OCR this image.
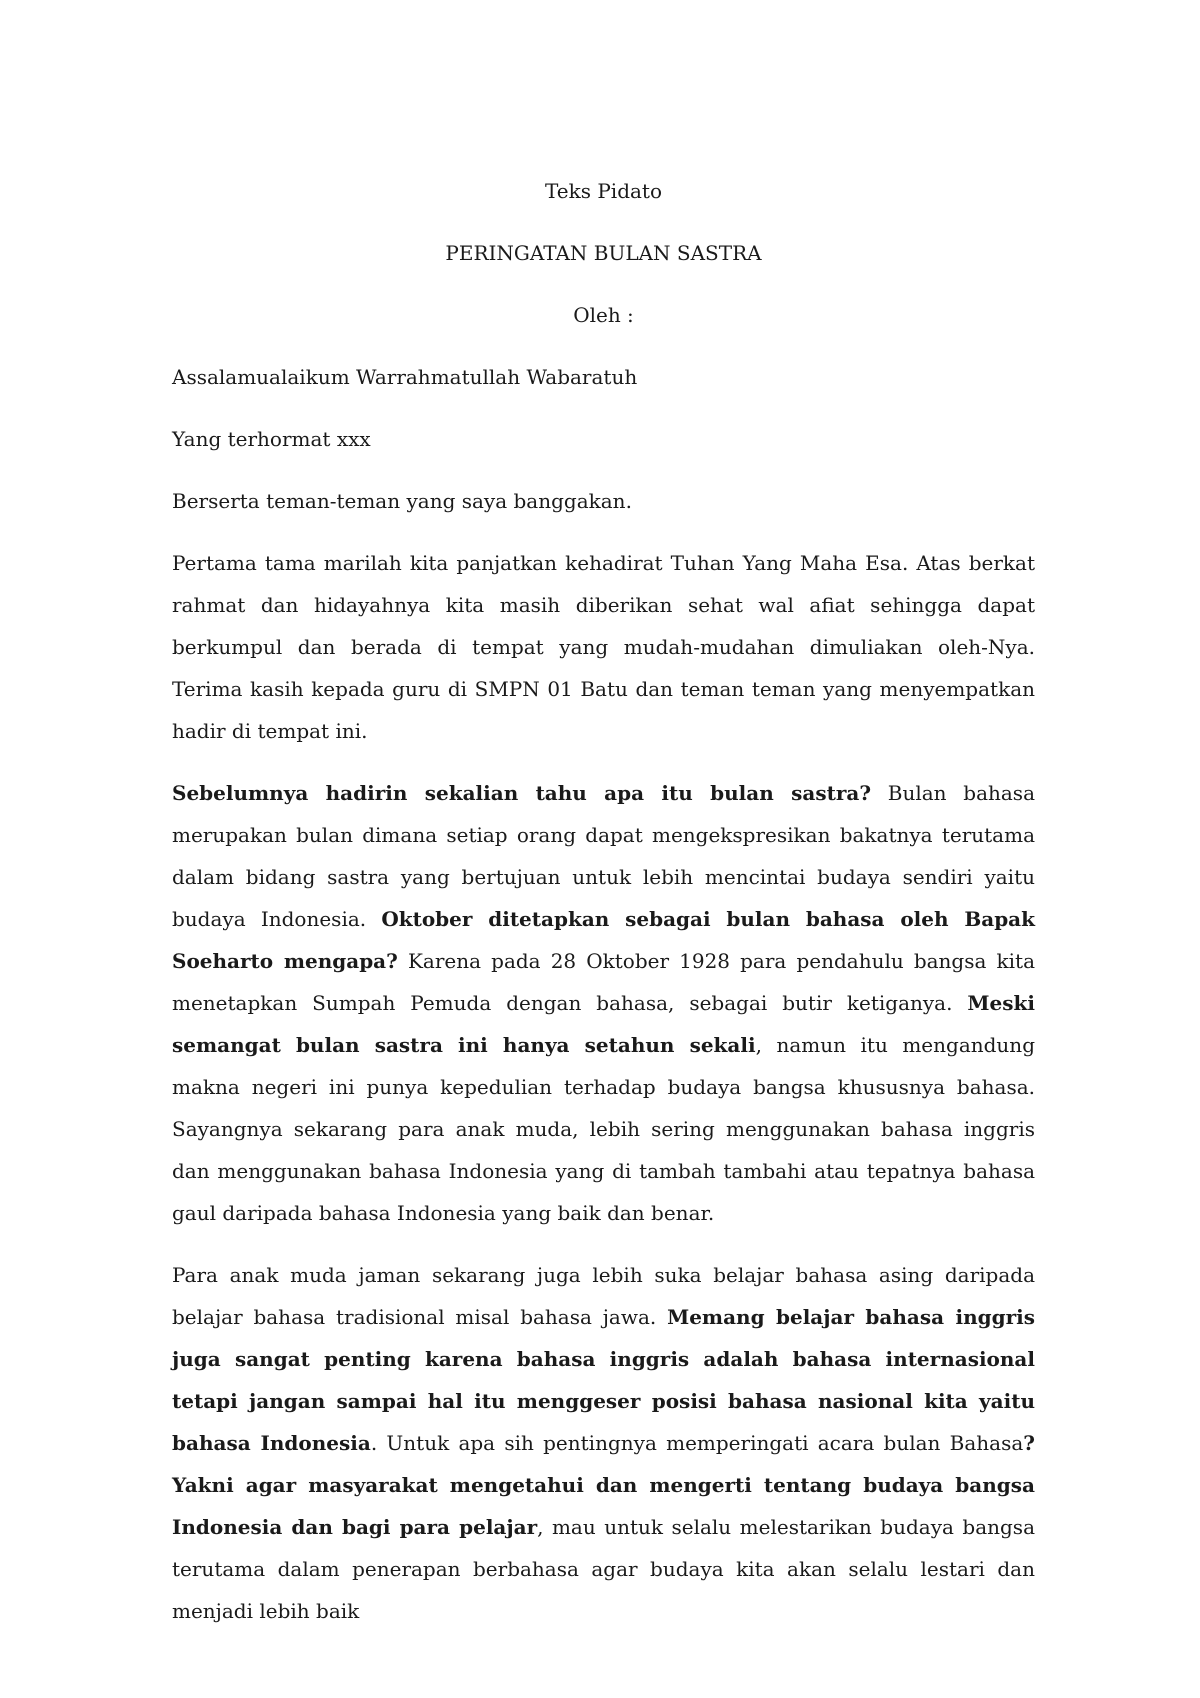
Teks Pidato

PERINGATAN BULAN SASTRA

Oleh :

Assalamualaikum Warrahmatullah Wabaratuh

Yang terhormat xxx

Berserta teman-teman yang saya banggakan.

Pertama tama marilah kita panjatkan kehadirat Tuhan Yang Maha Esa. Atas berkat rahmat dan hidayahnya kita masih diberikan sehat wal afiat sehingga dapat berkumpul dan berada di tempat yang mudah-mudahan dimuliakan oleh-Nya. Terima kasih kepada guru di SMPN 01 Batu dan teman teman yang menyempatkan hadir di tempat ini.

Sebelumnya hadirin sekalian tahu apa itu bulan sastra? Bulan bahasa merupakan bulan dimana setiap orang dapat mengekspresikan bakatnya terutama dalam bidang sastra yang bertujuan untuk lebih mencintai budaya sendiri yaitu budaya Indonesia. Oktober ditetapkan sebagai bulan bahasa oleh Bapak Soeharto mengapa? Karena pada 28 Oktober 1928 para pendahulu bangsa kita menetapkan Sumpah Pemuda dengan bahasa, sebagai butir ketiganya. Meski semangat bulan sastra ini hanya setahun sekali, namun itu mengandung makna negeri ini punya kepedulian terhadap budaya bangsa khususnya bahasa. Sayangnya sekarang para anak muda, lebih sering menggunakan bahasa inggris dan menggunakan bahasa Indonesia yang di tambah tambahi atau tepatnya bahasa gaul daripada bahasa Indonesia yang baik dan benar.

Para anak muda jaman sekarang juga lebih suka belajar bahasa asing daripada belajar bahasa tradisional misal bahasa jawa. Memang belajar bahasa inggris juga sangat penting karena bahasa inggris adalah bahasa internasional tetapi jangan sampai hal itu menggeser posisi bahasa nasional kita yaitu bahasa Indonesia. Untuk apa sih pentingnya memperingati acara bulan Bahasa? Yakni agar masyarakat mengetahui dan mengerti tentang budaya bangsa Indonesia dan bagi para pelajar, mau untuk selalu melestarikan budaya bangsa terutama dalam penerapan berbahasa agar budaya kita akan selalu lestari dan menjadi lebih baik
